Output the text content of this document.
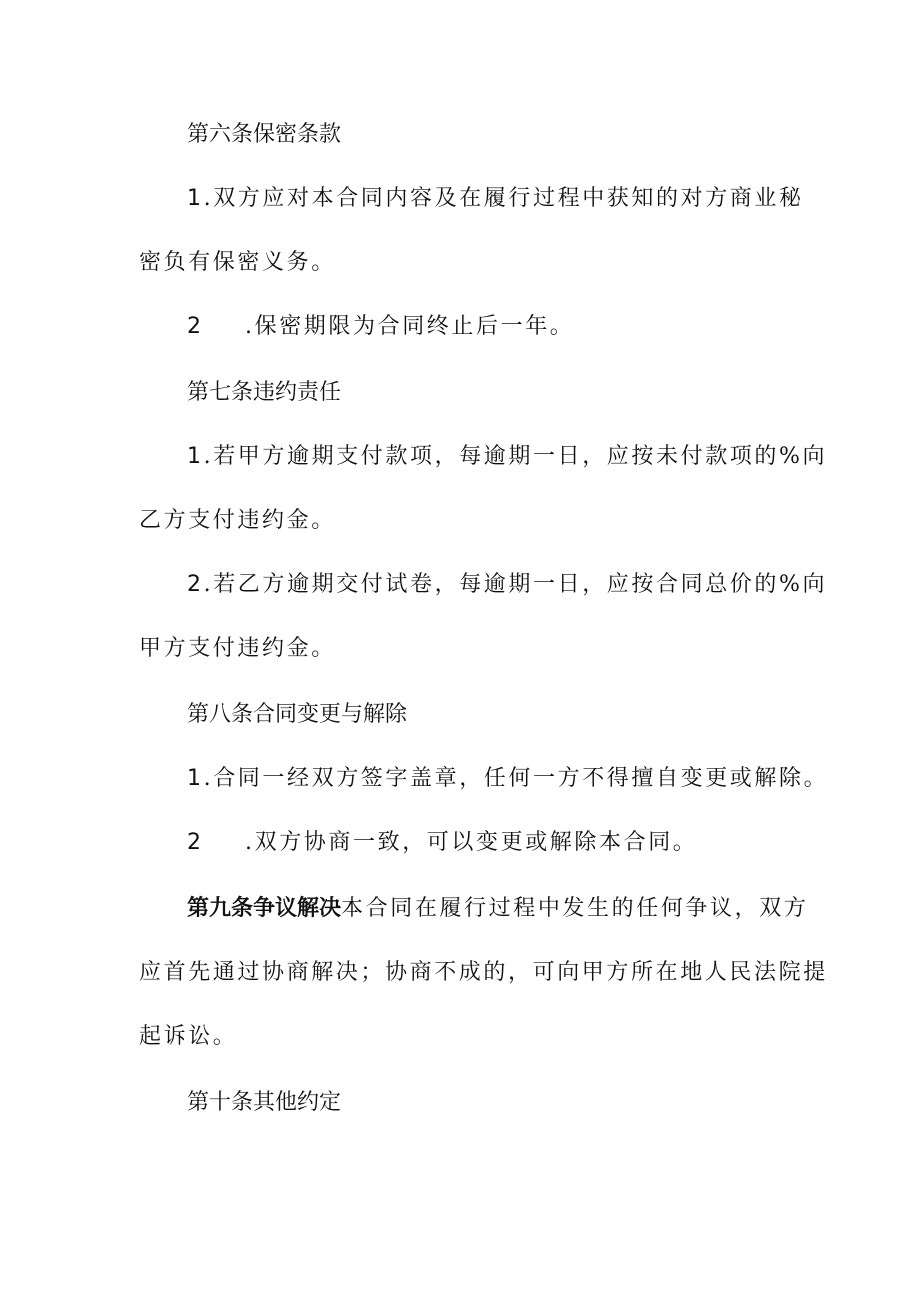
第六条保密条款
1.双方应对本合同内容及在履行过程中获知的对方商业秘
密负有保密义务。
2 .保密期限为合同终止后一年。
第七条违约责任
1.若甲方逾期支付款项，每逾期一日，应按未付款项的%向
乙方支付违约金。
2.若乙方逾期交付试卷，每逾期一日，应按合同总价的%向
甲方支付违约金。
第八条合同变更与解除
1.合同一经双方签字盖章，任何一方不得擅自变更或解除。
2 .双方协商一致，可以变更或解除本合同。
第九条争议解决本合同在履行过程中发生的任何争议，双方
应首先通过协商解决；协商不成的，可向甲方所在地人民法院提
起诉讼。
第十条其他约定
